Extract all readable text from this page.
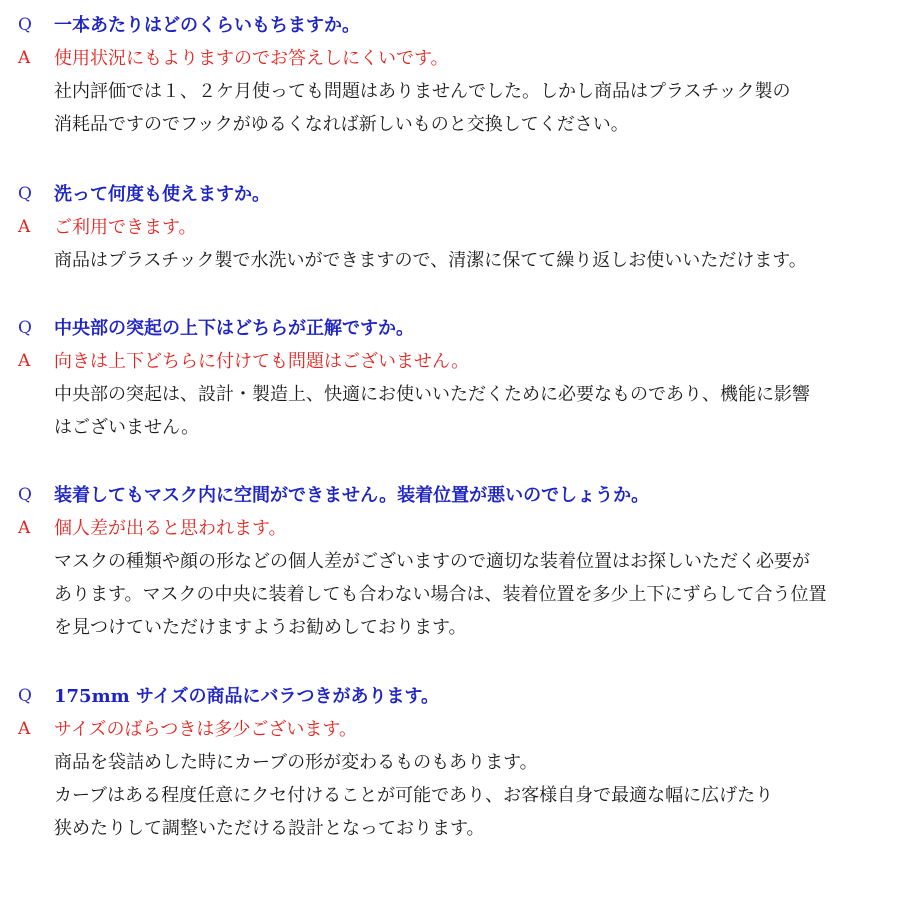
Q	一本あたりはどのくらいもちますか。
A	使用状況にもよりますのでお答えしにくいです。
社内評価では１、２ケ月使っても問題はありませんでした。しかし商品はプラスチック製の
消耗品ですのでフックがゆるくなれば新しいものと交換してください。
Q	洗って何度も使えますか。
A	ご利用できます。
商品はプラスチック製で水洗いができますので、清潔に保てて繰り返しお使いいただけます。
Q	中央部の突起の上下はどちらが正解ですか。
A	向きは上下どちらに付けても問題はございません。
中央部の突起は、設計・製造上、快適にお使いいただくために必要なものであり、機能に影響
はございません。
Q	装着してもマスク内に空間ができません。装着位置が悪いのでしょうか。
A	個人差が出ると思われます。
マスクの種類や顔の形などの個人差がございますので適切な装着位置はお探しいただく必要が
あります。マスクの中央に装着しても合わない場合は、装着位置を多少上下にずらして合う位置
を見つけていただけますようお勧めしております。
Q	175mm サイズの商品にバラつきがあります。
A	サイズのばらつきは多少ございます。
商品を袋詰めした時にカーブの形が変わるものもあります。
カーブはある程度任意にクセ付けることが可能であり、お客様自身で最適な幅に広げたり
狭めたりして調整いただける設計となっております。
